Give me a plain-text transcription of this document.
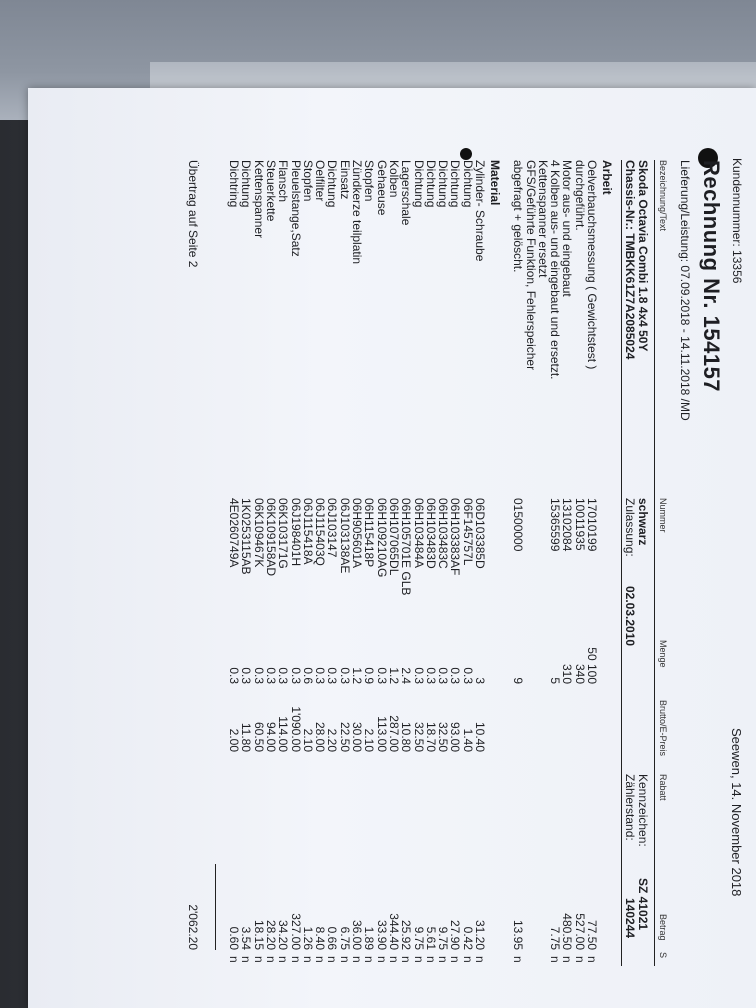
Kundennummer: 13356
Seewen, 14. November 2018
Rechnung Nr. 154157
Lieferung/Leistung: 07.09.2018 - 14.11.2018 /MD
Bezeichnung/Text
Nummer
Menge
Brutto/E-Preis
Rabatt
Betrag
S
Skoda Octavia Combi 1.8 4x4 50Y
Chassis-Nr.: TMBKK61Z7A2085024
schwarz
Zulassung:
02.03.2010
Kennzeichen:
SZ 41021
Zählerstand:
140244
Arbeit
Oelverbauchsmessung ( Gewichtstest )
durchgeführt.
Motor aus- und eingebaut
4 Kolben aus- und eingebaut und ersetzt.
Kettenspanner ersetzt
GFS/Geführte Funktion, Fehlerspeicher
abgefragt + gelöscht.
17010199
10011935
13102084
15365599
01500000
50 100
340
310
5
9
77.50
527.00
480.50
7.75
13.95
n
n
n
n
n
Material
Zylinder- Schraube
Dichtung
Dichtung
Dichtung
Dichtung
Dichtung
Lagerschale
Kolben
Gehaeuse
Stopfen
Zündkerze teilplatin
Einsatz
Dichtung
Oelfilter
Stopfen
Pleuelstange,Satz
Flansch
Steuerkette
Kettenspanner
Dichtung
Dichtring
06D103385D
06F145757L
06H103383AF
06H103483C
06H103483D
06H103484A
06H105701E GLB
06H107065DL
06H109210AG
06H115418P
06H905601A
06J103138AE
06J103147
06J115403Q
06J115418A
06J198401H
06K103171G
06K109158AD
06K109467K
1K0253115AB
4E0260749A
3
0.3
0.3
0.3
0.3
0.3
2.4
1.2
0.3
0.9
1.2
0.3
0.3
0.3
0.6
0.3
0.3
0.3
0.3
0.3
0.3
10.40
1.40
93.00
32.50
18.70
32.50
10.80
287.00
113.00
2.10
30.00
22.50
2.20
28.00
2.10
1'090.00
114.00
94.00
60.50
11.80
2.00
31.20
0.42
27.90
9.75
5.61
9.75
25.92
344.40
33.90
1.89
36.00
6.75
0.66
8.40
1.26
327.00
34.20
28.20
18.15
3.54
0.60
n
n
n
n
n
n
n
n
n
n
n
n
n
n
n
n
n
n
n
n
n
Übertrag auf Seite 2
2'062.20
